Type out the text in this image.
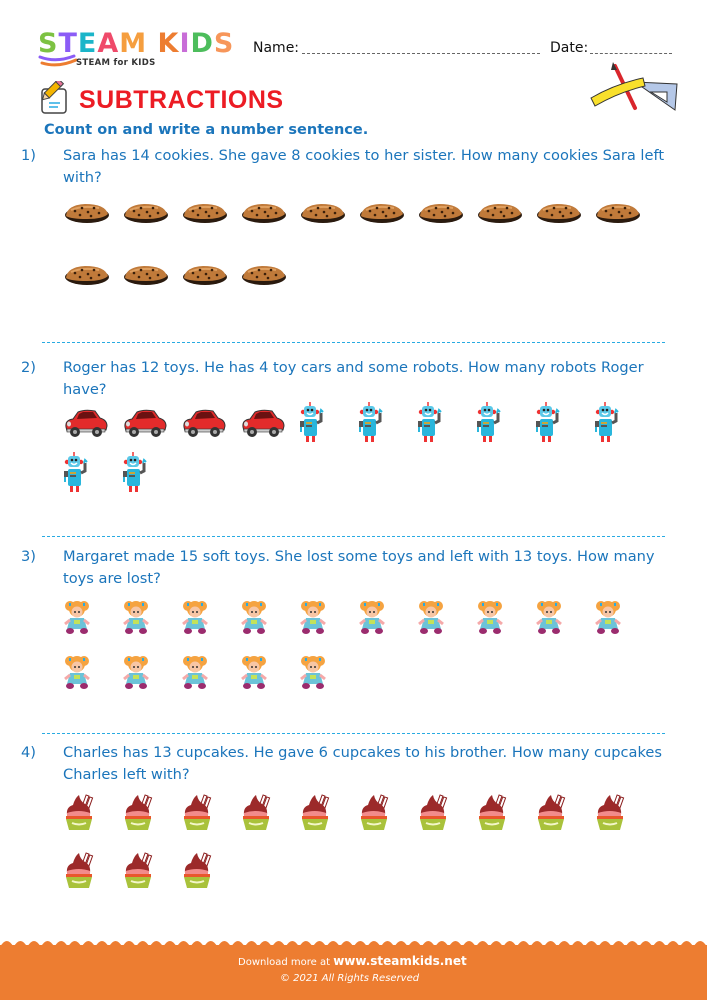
STEAM KIDS
STEAM for KIDS
Name:	Date:
SUBTRACTIONS
Count on and write a number sentence.
1) Sara has 14 cookies. She gave 8 cookies to her sister. How many cookies Sara left with?
2) Roger has 12 toys. He has 4 toy cars and some robots. How many robots Roger have?
3) Margaret made 15 soft toys. She lost some toys and left with 13 toys. How many toys are lost?
4) Charles has 13 cupcakes. He gave 6 cupcakes to his brother. How many cupcakes Charles left with?
Download more at www.steamkids.net
© 2021 All Rights Reserved
